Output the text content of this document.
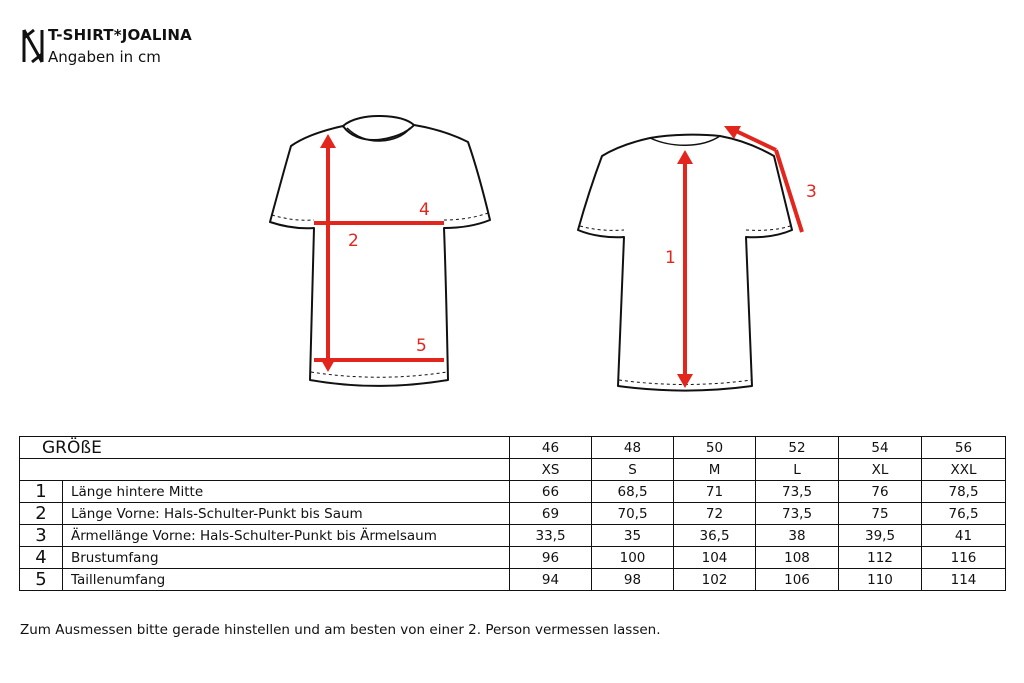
T-SHIRT*JOALINA
Angaben in cm
4
2
5
3
1
GRÖßE		46	48	50	52	54	56
		XS	S	M	L	XL	XXL
1	Länge hintere Mitte	66	68,5	71	73,5	76	78,5
2	Länge Vorne: Hals-Schulter-Punkt bis Saum	69	70,5	72	73,5	75	76,5
3	Ärmellänge Vorne: Hals-Schulter-Punkt bis Ärmelsaum	33,5	35	36,5	38	39,5	41
4	Brustumfang	96	100	104	108	112	116
5	Taillenumfang	94	98	102	106	110	114
Zum Ausmessen bitte gerade hinstellen und am besten von einer 2. Person vermessen lassen.
